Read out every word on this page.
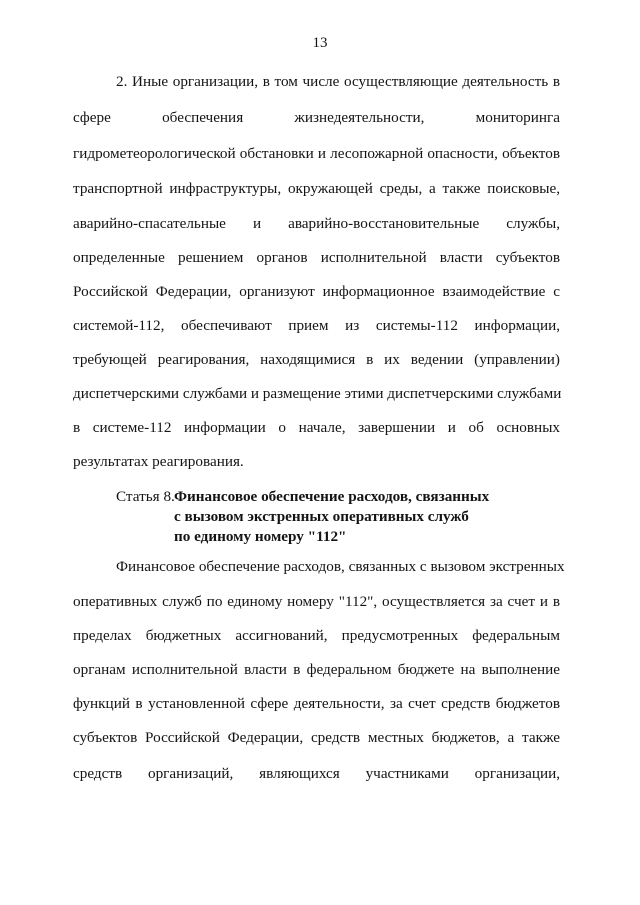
13

2. Иные организации, в том числе осуществляющие деятельность в

сфере обеспечения жизнедеятельности, мониторинга

гидрометеорологической обстановки и лесопожарной опасности, объектов

транспортной инфраструктуры, окружающей среды, а также поисковые,

аварийно-спасательные и аварийно-восстановительные службы,

определенные решением органов исполнительной власти субъектов

Российской Федерации, организуют информационное взаимодействие с

системой-112, обеспечивают прием из системы-112 информации,

требующей реагирования, находящимися в их ведении (управлении)

диспетчерскими службами и размещение этими диспетчерскими службами

в системе-112 информации о начале, завершении и об основных

результатах реагирования.

Статья 8. Финансовое обеспечение расходов, связанных
с вызовом экстренных оперативных служб
по единому номеру "112"

Финансовое обеспечение расходов, связанных с вызовом экстренных

оперативных служб по единому номеру "112", осуществляется за счет и в

пределах бюджетных ассигнований, предусмотренных федеральным

органам исполнительной власти в федеральном бюджете на выполнение

функций в установленной сфере деятельности, за счет средств бюджетов

субъектов Российской Федерации, средств местных бюджетов, а также

средств организаций, являющихся участниками организации,
